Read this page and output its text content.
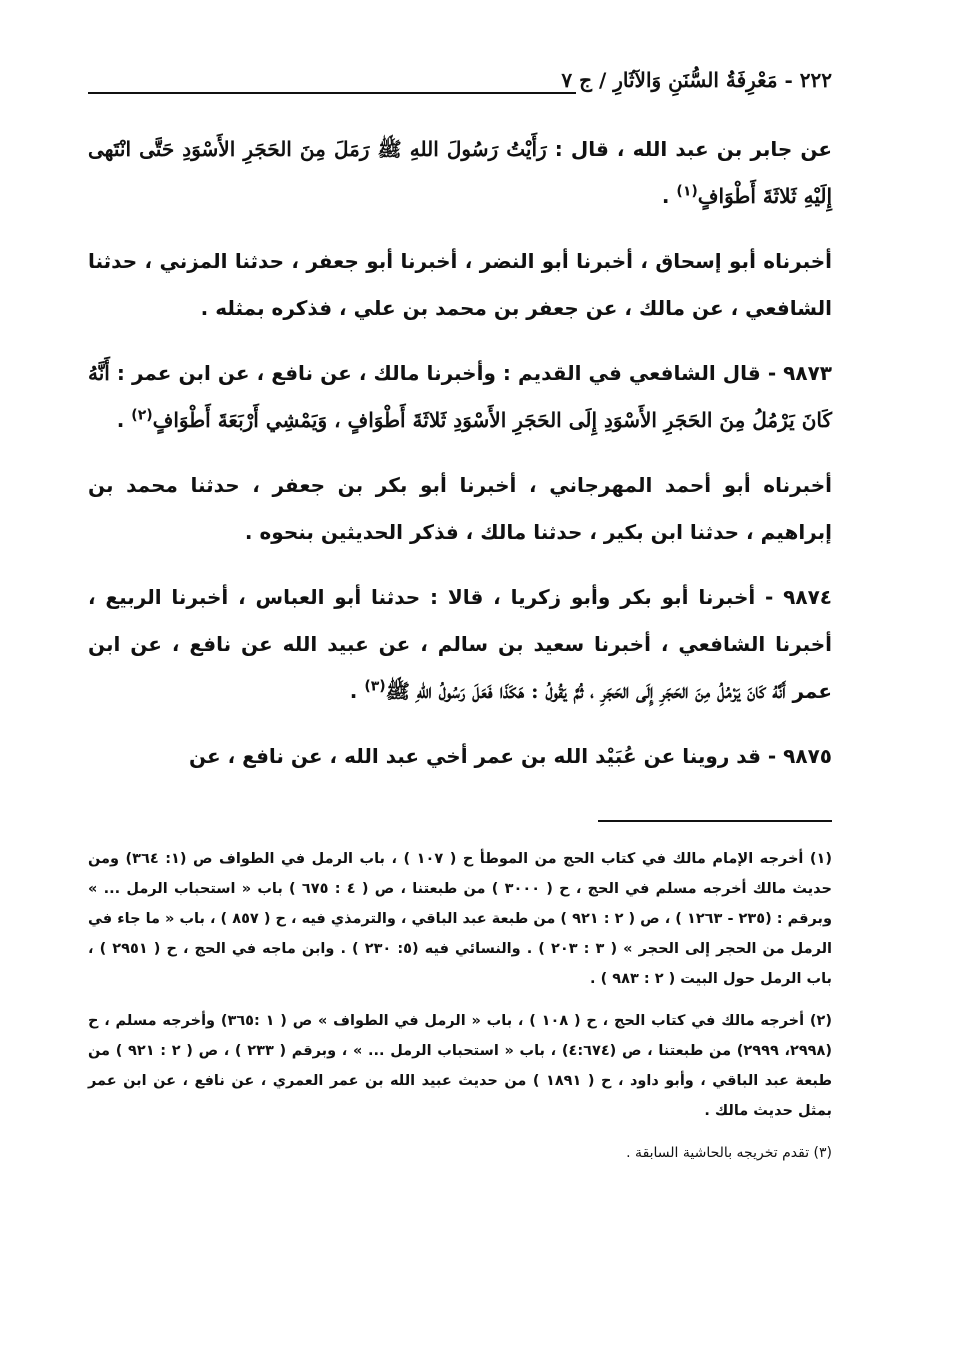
٢٢٢ - مَعْرِفَةُ السُّنَنِ وَالآثَارِ / ج ٧

عن جابر بن عبد الله ، قال : رَأَيْتُ رَسُولَ اللهِ ﷺ رَمَلَ مِنَ الحَجَرِ الأَسْوَدِ حَتَّى انْتَهى إِلَيْهِ ثَلاثَةَ أَطْوَافٍ$^{(١)}$ .

أخبرناه أبو إسحاق ، أخبرنا أبو النضر ، أخبرنا أبو جعفر ، حدثنا المزني ، حدثنا الشافعي ، عن مالك ، عن جعفر بن محمد بن علي ، فذكره بمثله .

٩٨٧٣ - قال الشافعي في القديم : وأخبرنا مالك ، عن نافع ، عن ابن عمر : أَنَّهُ كَانَ يَرْمُلُ مِنَ الحَجَرِ الأَسْوَدِ إِلَى الحَجَرِ الأَسْوَدِ ثَلاثَةَ أَطْوَافٍ ، وَيَمْشِي أَرْبَعَةَ أَطْوَافٍ$^{(٢)}$ .

أخبرناه أبو أحمد المهرجاني ، أخبرنا أبو بكر بن جعفر ، حدثنا محمد بن إبراهيم ، حدثنا ابن بكير ، حدثنا مالك ، فذكر الحديثين بنحوه .

٩٨٧٤ - أخبرنا أبو بكر وأبو زكريا ، قالا : حدثنا أبو العباس ، أخبرنا الربيع ، أخبرنا الشافعي ، أخبرنا سعيد بن سالم ، عن عبيد الله عن نافع ، عن ابن عمر أَنَّهُ كَانَ يَرْمُلُ مِنَ الحَجَرِ إِلَى الحَجَرِ ، ثُمَّ يَقُولُ : هَكَذَا فَعَلَ رَسُولُ اللهِ ﷺ$^{(٣)}$ .

٩٨٧٥ - قد روينا عن عُبَيْد الله بن عمر أخي عبد الله ، عن نافع ، عن

(١) أخرجه الإمام مالك في كتاب الحج من الموطأ ح ( ١٠٧ ) ، باب الرمل في الطواف ص (١: ٣٦٤) ومن حديث مالك أخرجه مسلم في الحج ، ح ( ٣٠٠٠ ) من طبعتنا ، ص ( ٤ : ٦٧٥ ) باب « استحباب الرمل ... » وبرقم : (٢٣٥ - ١٢٦٣ ) ، ص ( ٢ : ٩٢١ ) من طبعة عبد الباقي ، والترمذي فيه ، ح ( ٨٥٧ ) ، باب « ما جاء في الرمل من الحجر إلى الحجر » ( ٣ : ٢٠٣ ) . والنسائي فيه (٥: ٢٣٠ ) . وابن ماجه في الحج ، ح ( ٢٩٥١ ) ، باب الرمل حول البيت ( ٢ : ٩٨٣ ) .

(٢) أخرجه مالك في كتاب الحج ، ح ( ١٠٨ ) ، باب « الرمل في الطواف » ص ( ١ :٣٦٥) وأخرجه مسلم ، ح (٢٩٩٨، ٢٩٩٩) من طبعتنا ، ص (٤:٦٧٤) ، باب « استحباب الرمل ... » ، وبرقم ( ٢٣٣ ) ، ص ( ٢ : ٩٢١ ) من طبعة عبد الباقي ، وأبو داود ، ح ( ١٨٩١ ) من حديث عبيد الله بن عمر العمري ، عن نافع ، عن ابن عمر بمثل حديث مالك .

(٣) تقدم تخريجه بالحاشية السابقة .
